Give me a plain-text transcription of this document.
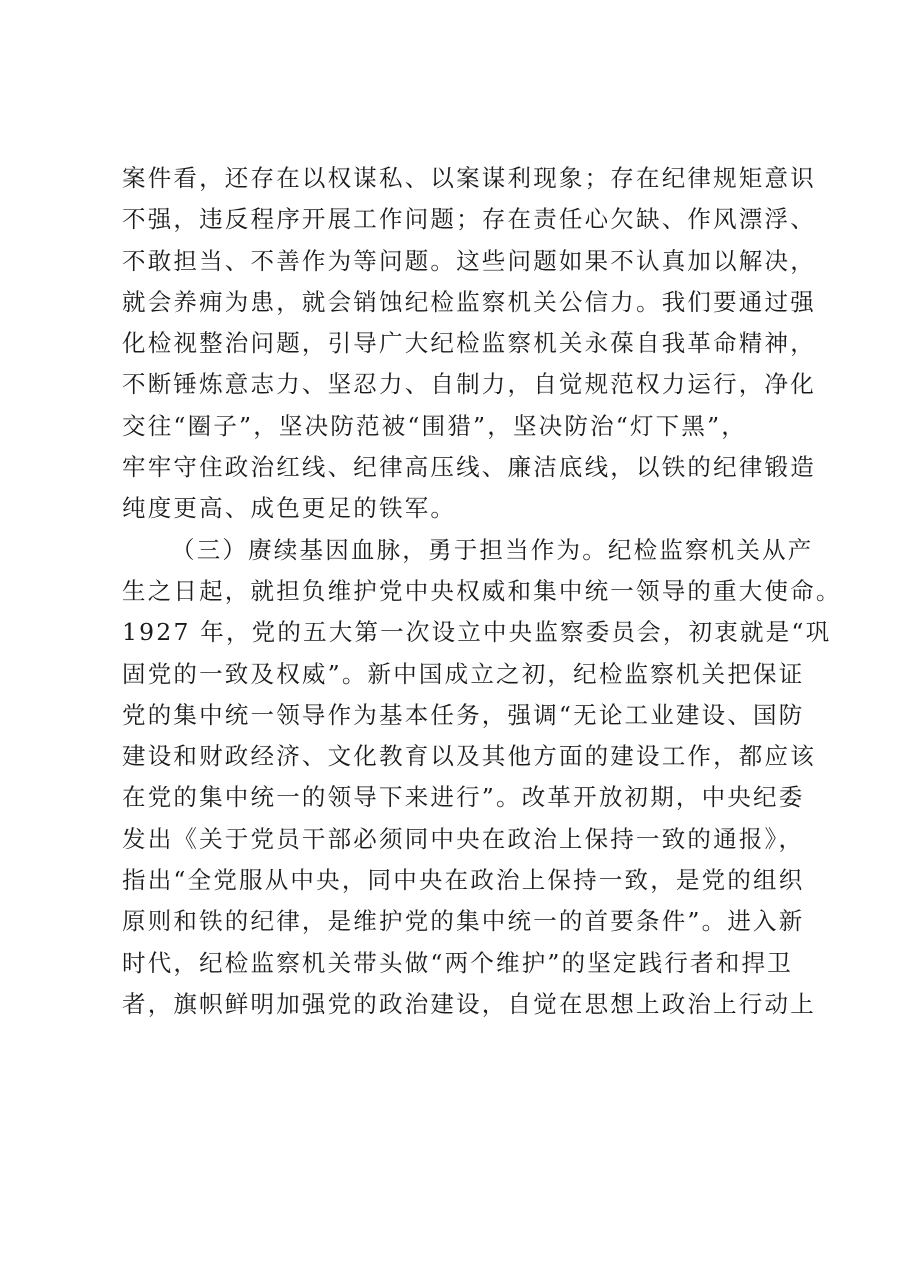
案件看，还存在以权谋私、以案谋利现象；存在纪律规矩意识
不强，违反程序开展工作问题；存在责任心欠缺、作风漂浮、
不敢担当、不善作为等问题。这些问题如果不认真加以解决，
就会养痈为患，就会销蚀纪检监察机关公信力。我们要通过强
化检视整治问题，引导广大纪检监察机关永葆自我革命精神，
不断锤炼意志力、坚忍力、自制力，自觉规范权力运行，净化
交往“圈子”，坚决防范被“围猎”，坚决防治“灯下黑”，
牢牢守住政治红线、纪律高压线、廉洁底线，以铁的纪律锻造
纯度更高、成色更足的铁军。
（三）赓续基因血脉，勇于担当作为。纪检监察机关从产
生之日起，就担负维护党中央权威和集中统一领导的重大使命。
1927 年，党的五大第一次设立中央监察委员会，初衷就是“巩
固党的一致及权威”。新中国成立之初，纪检监察机关把保证
党的集中统一领导作为基本任务，强调“无论工业建设、国防
建设和财政经济、文化教育以及其他方面的建设工作，都应该
在党的集中统一的领导下来进行”。改革开放初期，中央纪委
发出《关于党员干部必须同中央在政治上保持一致的通报》，
指出“全党服从中央，同中央在政治上保持一致，是党的组织
原则和铁的纪律，是维护党的集中统一的首要条件”。进入新
时代，纪检监察机关带头做“两个维护”的坚定践行者和捍卫
者，旗帜鲜明加强党的政治建设，自觉在思想上政治上行动上
